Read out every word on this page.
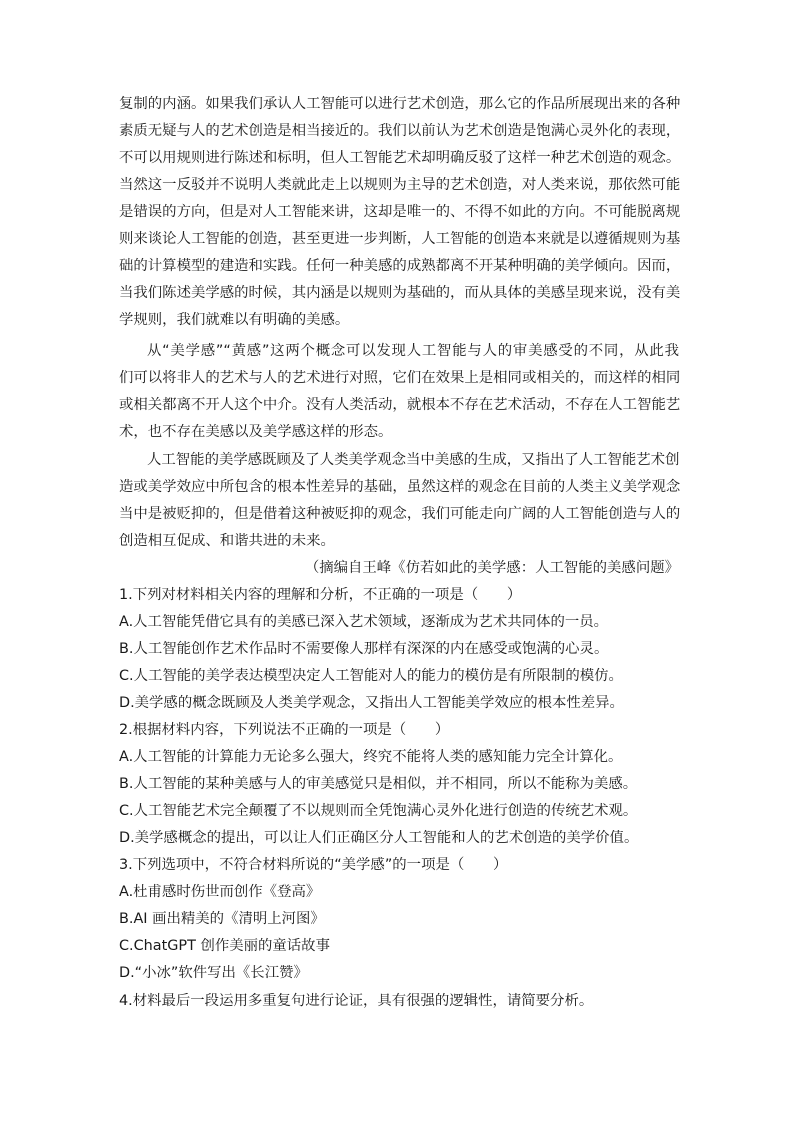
复制的内涵。如果我们承认人工智能可以进行艺术创造，那么它的作品所展现出来的各种
素质无疑与人的艺术创造是相当接近的。我们以前认为艺术创造是饱满心灵外化的表现，
不可以用规则进行陈述和标明，但人工智能艺术却明确反驳了这样一种艺术创造的观念。
当然这一反驳并不说明人类就此走上以规则为主导的艺术创造，对人类来说，那依然可能
是错误的方向，但是对人工智能来讲，这却是唯一的、不得不如此的方向。不可能脱离规
则来谈论人工智能的创造，甚至更进一步判断，人工智能的创造本来就是以遵循规则为基
础的计算模型的建造和实践。任何一种美感的成熟都离不开某种明确的美学倾向。因而，
当我们陈述美学感的时候，其内涵是以规则为基础的，而从具体的美感呈现来说，没有美
学规则，我们就难以有明确的美感。
从“美学感”“黄感”这两个概念可以发现人工智能与人的审美感受的不同，从此我
们可以将非人的艺术与人的艺术进行对照，它们在效果上是相同或相关的，而这样的相同
或相关都离不开人这个中介。没有人类活动，就根本不存在艺术活动，不存在人工智能艺
术，也不存在美感以及美学感这样的形态。
人工智能的美学感既顾及了人类美学观念当中美感的生成，又指出了人工智能艺术创
造或美学效应中所包含的根本性差异的基础，虽然这样的观念在目前的人类主义美学观念
当中是被贬抑的，但是借着这种被贬抑的观念，我们可能走向广阔的人工智能创造与人的
创造相互促成、和谐共进的未来。
（摘编自王峰《仿若如此的美学感：人工智能的美感问题》
1.下列对材料相关内容的理解和分析，不正确的一项是（　　）
A.人工智能凭借它具有的美感已深入艺术领域，逐渐成为艺术共同体的一员。
B.人工智能创作艺术作品时不需要像人那样有深深的内在感受或饱满的心灵。
C.人工智能的美学表达模型决定人工智能对人的能力的模仿是有所限制的模仿。
D.美学感的概念既顾及人类美学观念，又指出人工智能美学效应的根本性差异。
2.根据材料内容，下列说法不正确的一项是（　　）
A.人工智能的计算能力无论多么强大，终究不能将人类的感知能力完全计算化。
B.人工智能的某种美感与人的审美感觉只是相似，并不相同，所以不能称为美感。
C.人工智能艺术完全颠覆了不以规则而全凭饱满心灵外化进行创造的传统艺术观。
D.美学感概念的提出，可以让人们正确区分人工智能和人的艺术创造的美学价值。
3.下列选项中，不符合材料所说的“美学感”的一项是（　　）
A.杜甫感时伤世而创作《登高》
B.AI 画出精美的《清明上河图》
C.ChatGPT 创作美丽的童话故事
D.“小冰”软件写出《长江赞》
4.材料最后一段运用多重复句进行论证，具有很强的逻辑性，请简要分析。
